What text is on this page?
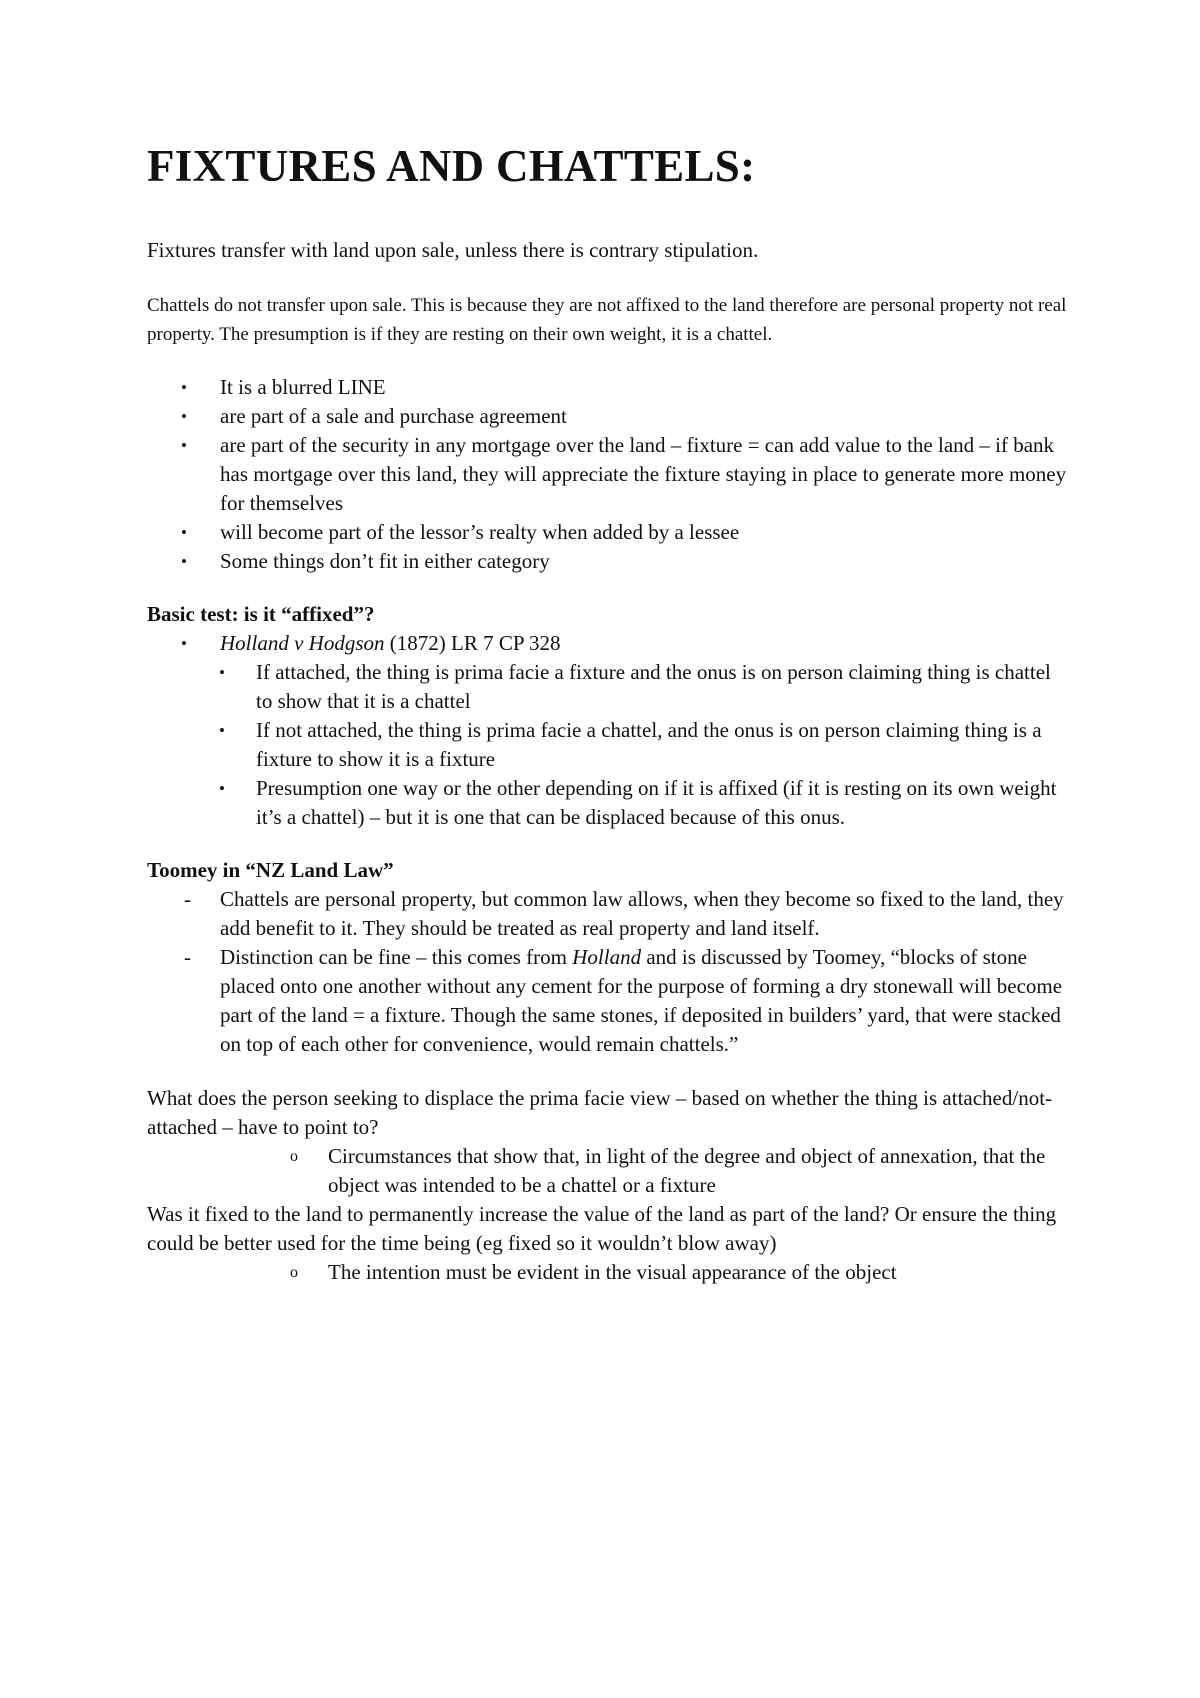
FIXTURES AND CHATTELS:

Fixtures transfer with land upon sale, unless there is contrary stipulation.

Chattels do not transfer upon sale. This is because they are not affixed to the land therefore are personal property not real property. The presumption is if they are resting on their own weight, it is a chattel.

• It is a blurred LINE
• are part of a sale and purchase agreement
• are part of the security in any mortgage over the land – fixture = can add value to the land – if bank has mortgage over this land, they will appreciate the fixture staying in place to generate more money for themselves
• will become part of the lessor’s realty when added by a lessee
• Some things don’t fit in either category

Basic test: is it “affixed”?

• Holland v Hodgson (1872) LR 7 CP 328
• If attached, the thing is prima facie a fixture and the onus is on person claiming thing is chattel to show that it is a chattel
• If not attached, the thing is prima facie a chattel, and the onus is on person claiming thing is a fixture to show it is a fixture
• Presumption one way or the other depending on if it is affixed (if it is resting on its own weight it’s a chattel) – but it is one that can be displaced because of this onus.

Toomey in “NZ Land Law”

- Chattels are personal property, but common law allows, when they become so fixed to the land, they add benefit to it. They should be treated as real property and land itself.
- Distinction can be fine – this comes from Holland and is discussed by Toomey, “blocks of stone placed onto one another without any cement for the purpose of forming a dry stonewall will become part of the land = a fixture. Though the same stones, if deposited in builders’ yard, that were stacked on top of each other for convenience, would remain chattels.”

What does the person seeking to displace the prima facie view – based on whether the thing is attached/not-attached – have to point to?

o Circumstances that show that, in light of the degree and object of annexation, that the object was intended to be a chattel or a fixture

Was it fixed to the land to permanently increase the value of the land as part of the land? Or ensure the thing could be better used for the time being (eg fixed so it wouldn’t blow away)

o The intention must be evident in the visual appearance of the object
